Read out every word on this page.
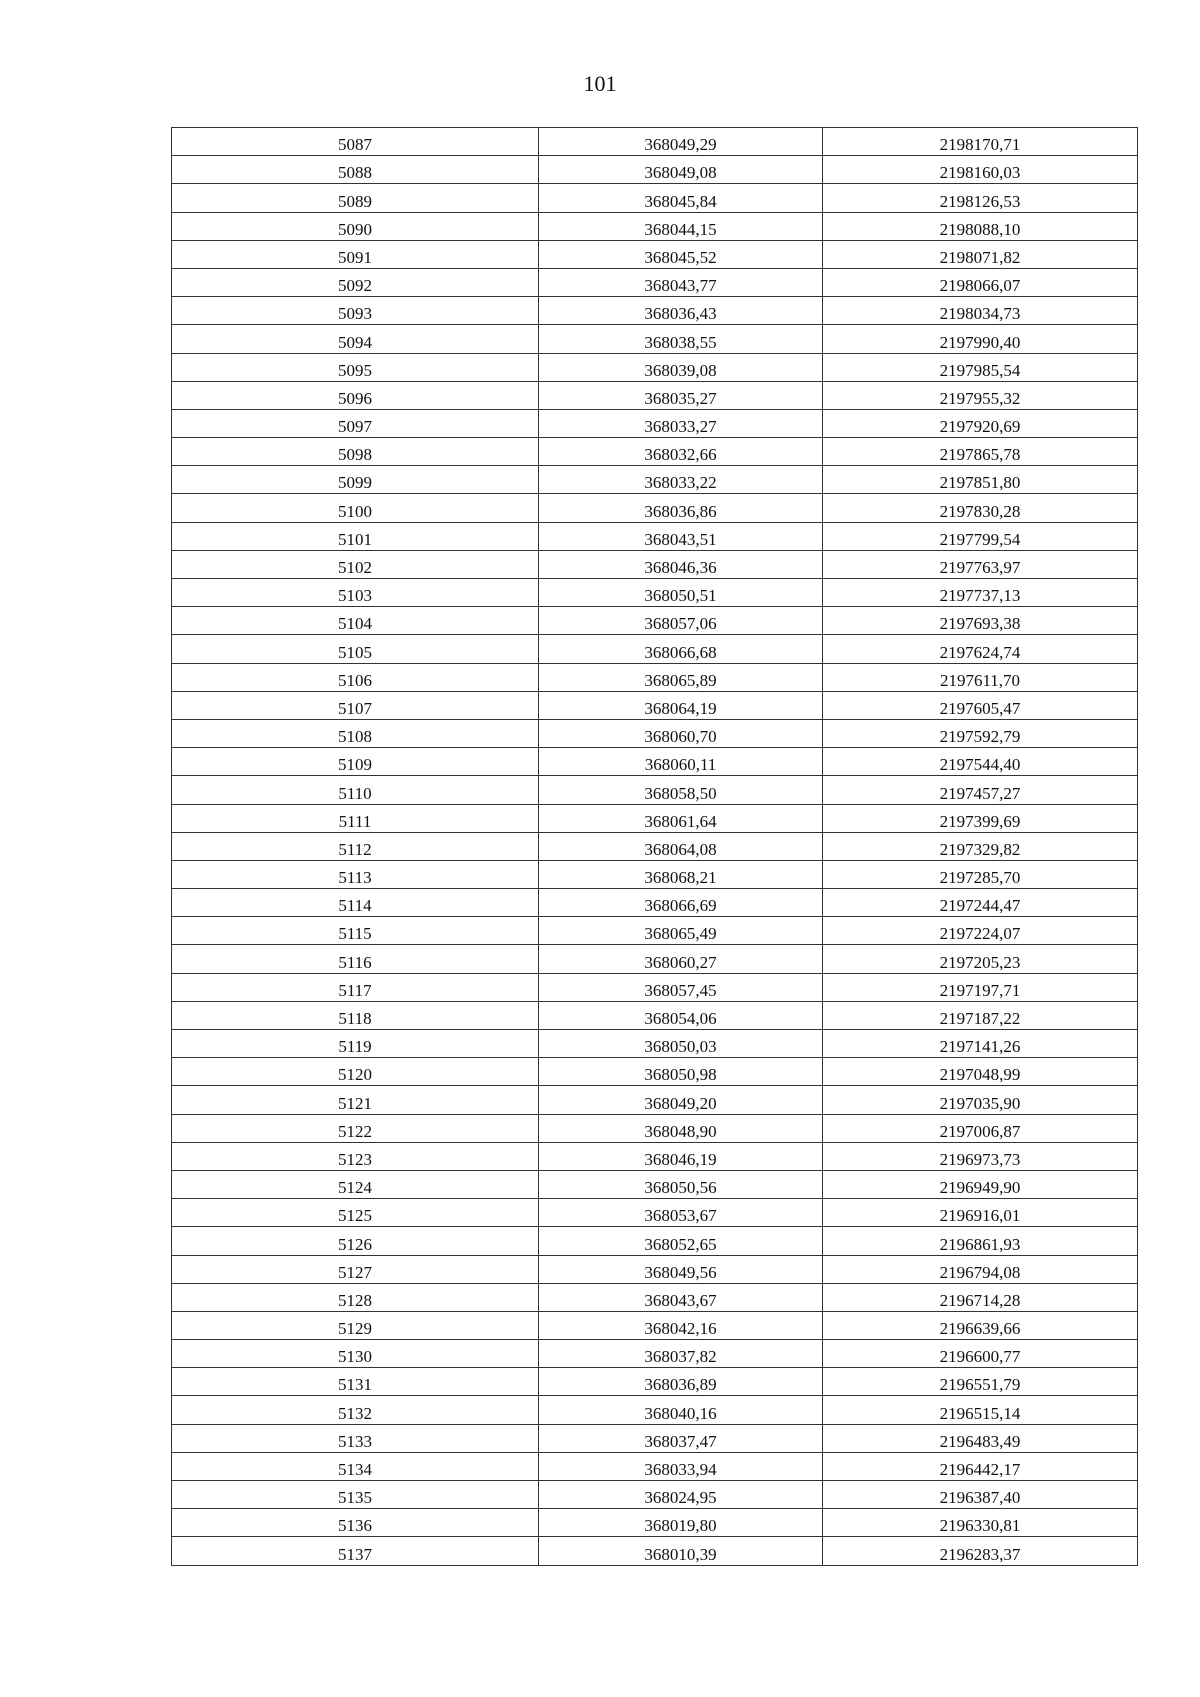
101
5087	368049,29	2198170,71
5088	368049,08	2198160,03
5089	368045,84	2198126,53
5090	368044,15	2198088,10
5091	368045,52	2198071,82
5092	368043,77	2198066,07
5093	368036,43	2198034,73
5094	368038,55	2197990,40
5095	368039,08	2197985,54
5096	368035,27	2197955,32
5097	368033,27	2197920,69
5098	368032,66	2197865,78
5099	368033,22	2197851,80
5100	368036,86	2197830,28
5101	368043,51	2197799,54
5102	368046,36	2197763,97
5103	368050,51	2197737,13
5104	368057,06	2197693,38
5105	368066,68	2197624,74
5106	368065,89	2197611,70
5107	368064,19	2197605,47
5108	368060,70	2197592,79
5109	368060,11	2197544,40
5110	368058,50	2197457,27
5111	368061,64	2197399,69
5112	368064,08	2197329,82
5113	368068,21	2197285,70
5114	368066,69	2197244,47
5115	368065,49	2197224,07
5116	368060,27	2197205,23
5117	368057,45	2197197,71
5118	368054,06	2197187,22
5119	368050,03	2197141,26
5120	368050,98	2197048,99
5121	368049,20	2197035,90
5122	368048,90	2197006,87
5123	368046,19	2196973,73
5124	368050,56	2196949,90
5125	368053,67	2196916,01
5126	368052,65	2196861,93
5127	368049,56	2196794,08
5128	368043,67	2196714,28
5129	368042,16	2196639,66
5130	368037,82	2196600,77
5131	368036,89	2196551,79
5132	368040,16	2196515,14
5133	368037,47	2196483,49
5134	368033,94	2196442,17
5135	368024,95	2196387,40
5136	368019,80	2196330,81
5137	368010,39	2196283,37
